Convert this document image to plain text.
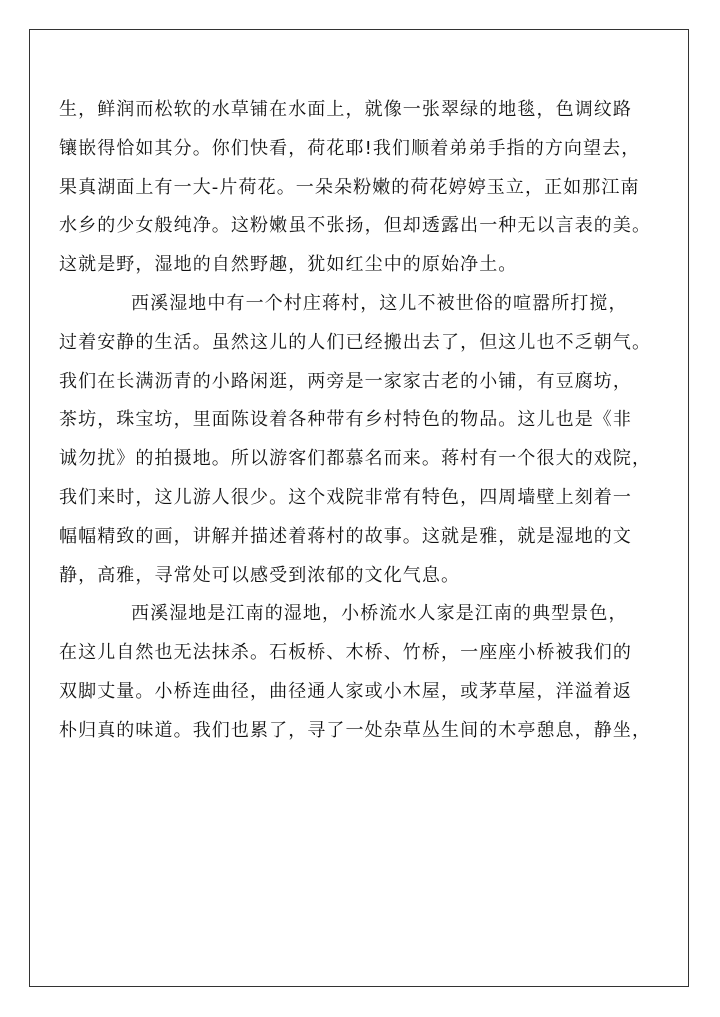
生，鲜润而松软的水草铺在水面上，就像一张翠绿的地毯，色调纹路
镶嵌得恰如其分。你们快看，荷花耶!我们顺着弟弟手指的方向望去，
果真湖面上有一大-片荷花。一朵朵粉嫩的荷花婷婷玉立，正如那江南
水乡的少女般纯净。这粉嫩虽不张扬，但却透露出一种无以言表的美。
这就是野，湿地的自然野趣，犹如红尘中的原始净土。
西溪湿地中有一个村庄蒋村，这儿不被世俗的喧嚣所打搅，
过着安静的生活。虽然这儿的人们已经搬出去了，但这儿也不乏朝气。
我们在长满沥青的小路闲逛，两旁是一家家古老的小铺，有豆腐坊，
茶坊，珠宝坊，里面陈设着各种带有乡村特色的物品。这儿也是《非
诚勿扰》的拍摄地。所以游客们都慕名而来。蒋村有一个很大的戏院，
我们来时，这儿游人很少。这个戏院非常有特色，四周墙壁上刻着一
幅幅精致的画，讲解并描述着蒋村的故事。这就是雅，就是湿地的文
静，高雅，寻常处可以感受到浓郁的文化气息。
西溪湿地是江南的湿地，小桥流水人家是江南的典型景色，
在这儿自然也无法抹杀。石板桥、木桥、竹桥，一座座小桥被我们的
双脚丈量。小桥连曲径，曲径通人家或小木屋，或茅草屋，洋溢着返
朴归真的味道。我们也累了，寻了一处杂草丛生间的木亭憩息，静坐，
